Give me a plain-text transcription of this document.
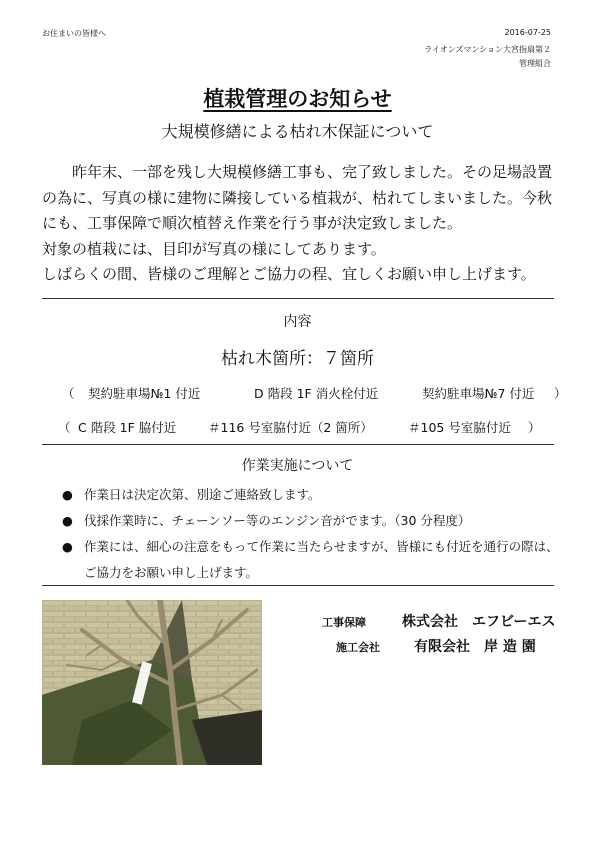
お住まいの皆様へ	2016-07-25
ライオンズマンション大宮指扇第２
管理組合
植栽管理のお知らせ
大規模修繕による枯れ木保証について

昨年末、一部を残し大規模修繕工事も、完了致しました。その足場設置の為に、写真の様に建物に隣接している植栽が、枯れてしまいました。今秋にも、工事保障で順次植替え作業を行う事が決定致しました。

対象の植栽には、目印が写真の様にしてあります。

しばらくの間、皆様のご理解とご協力の程、宜しくお願い申し上げます。

内容
枯れ木箇所：７箇所
（ 契約駐車場№1 付近	D 階段 1F 消火栓付近	契約駐車場№7 付近 ）
（ C 階段 1F 脇付近	＃116 号室脇付近（2 箇所）	＃105 号室脇付近 ）
作業実施について
● 作業日は決定次第、別途ご連絡致します。
● 伐採作業時に、チェーンソー等のエンジン音がでます。（30 分程度）
● 作業には、細心の注意をもって作業に当たらせますが、皆様にも付近を通行の際は、
ご協力をお願い申し上げます。
工事保障	株式会社　エフビーエス
施工会社 有限会社　岸 造 園
